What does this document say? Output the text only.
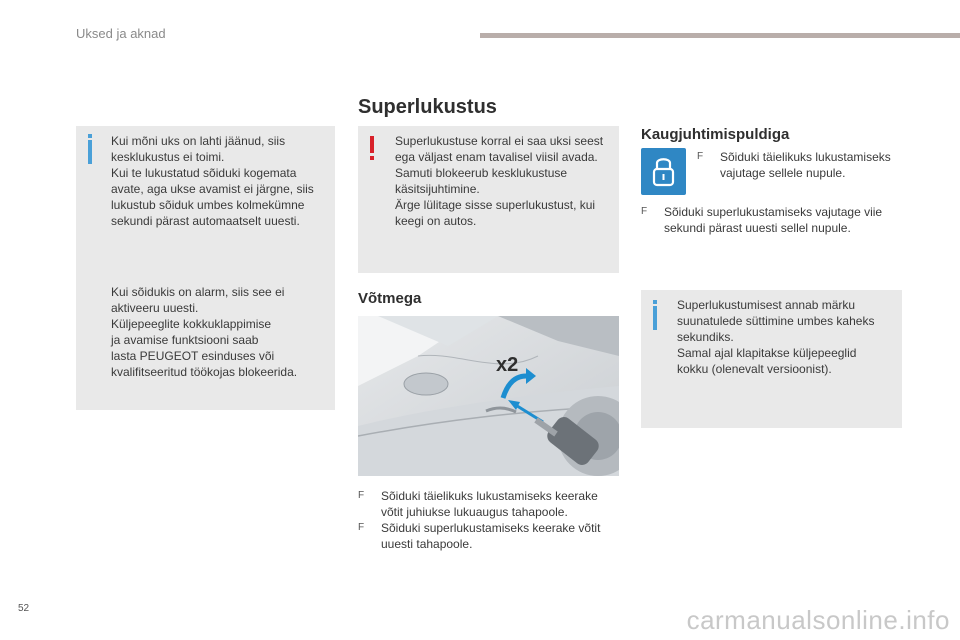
Uksed ja aknad
Superlukustus

Kui mõni uks on lahti jäänud, siis

kesklukustus ei toimi.

Kui te lukustatud sõiduki kogemata

avate, aga ukse avamist ei järgne, siis

lukustub sõiduk umbes kolmekümne

sekundi pärast automaatselt uuesti.

Kui sõidukis on alarm, siis see ei

aktiveeru uuesti.

Küljepeeglite kokkuklappimise

ja avamise funktsiooni saab

lasta PEUGEOT esinduses või

kvalifitseeritud töökojas blokeerida.

Superlukustuse korral ei saa uksi seest

ega väljast enam tavalisel viisil avada.

Samuti blokeerub kesklukustuse

käsitsijuhtimine.

Ärge lülitage sisse superlukustust, kui

keegi on autos.

Võtmega
x2
F Sõiduki täielikuks lukustamiseks keerake
võtit juhiukse lukuaugus tahapoole.
F Sõiduki superlukustamiseks keerake võtit
uuesti tahapoole.
Kaugjuhtimispuldiga
F Sõiduki täielikuks lukustamiseks
vajutage sellele nupule.
F Sõiduki superlukustamiseks vajutage viie
sekundi pärast uuesti sellel nupule.

Superlukustumisest annab märku

suunatulede süttimine umbes kaheks

sekundiks.

Samal ajal klapitakse küljepeeglid

kokku (olenevalt versioonist).

52	carmanualsonline.info
